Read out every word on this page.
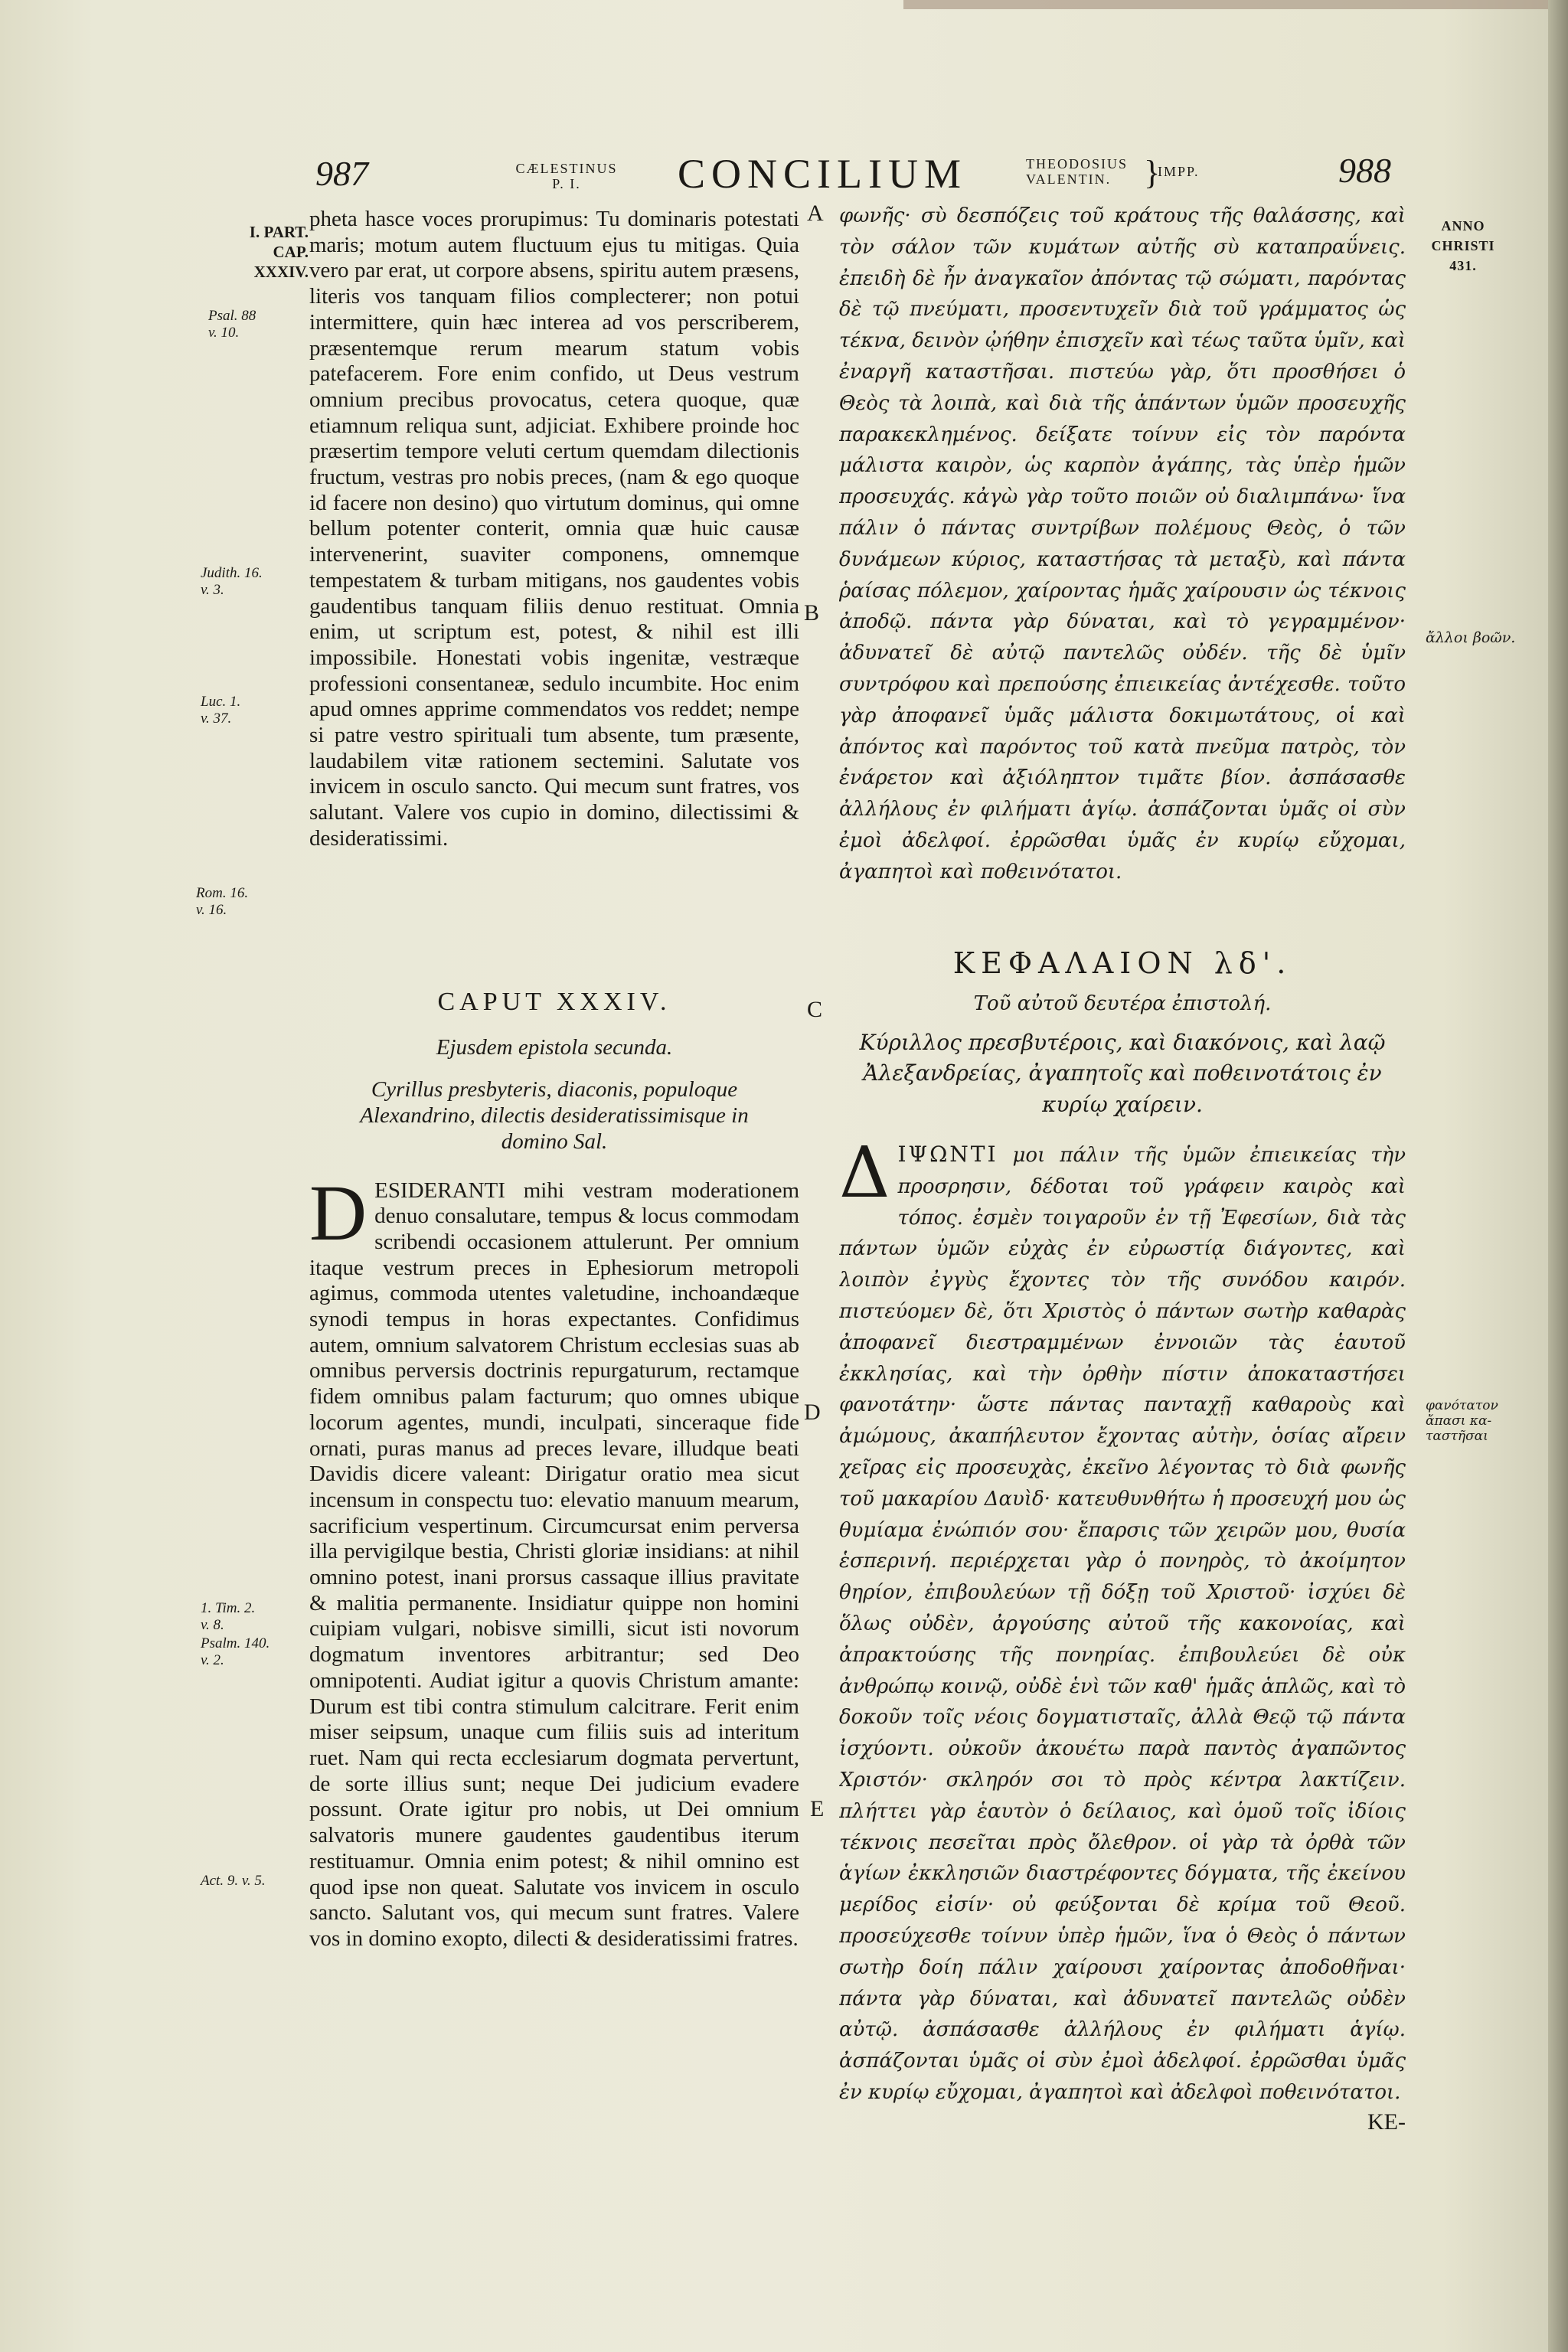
987	CÆLESTINUS
P. I.	CONCILIUM	THEODOSIUS
VALENTIN. }
IMPP.	988
I. PART.
CAP.
XXXIV.
Psal. 88
v. 10.
Judith. 16.
v. 3.
Luc. 1.
v. 37.
Rom. 16.
v. 16.
1. Tim. 2.
v. 8.
Psalm. 140.
v. 2.
Act. 9. v. 5.
ANNO
CHRISTI
431.
ἄλλοι βοῶν.
φανότατον
ἄπασι κα-
ταστῆσαι
A
B
C
D
E

pheta hasce voces prorupimus: Tu dominaris potestati maris; motum autem fluctuum ejus tu mitigas. Quia vero par erat, ut corpore absens, spiritu autem præsens, literis vos tanquam filios complecterer; non potui intermittere, quin hæc interea ad vos perscriberem, præsentemque rerum mearum statum vobis patefacerem. Fore enim confido, ut Deus vestrum omnium precibus provocatus, cetera quoque, quæ etiamnum reliqua sunt, adjiciat. Exhibere proinde hoc præsertim tempore veluti certum quemdam dilectionis fructum, vestras pro nobis preces, (nam & ego quoque id facere non desino) quo virtutum dominus, qui omne bellum potenter conterit, omnia quæ huic causæ intervenerint, suaviter componens, omnemque tempestatem & turbam mitigans, nos gaudentes vobis gaudentibus tanquam filiis denuo restituat. Omnia enim, ut scriptum est, potest, & nihil est illi impossibile. Honestati vobis ingenitæ, vestræque professioni consentaneæ, sedulo incumbite. Hoc enim apud omnes apprime commendatos vos reddet; nempe si patre vestro spirituali tum absente, tum præsente, laudabilem vitæ rationem sectemini. Salutate vos invicem in osculo sancto. Qui mecum sunt fratres, vos salutant. Valere vos cupio in domino, dilectissimi & desideratissimi.

CAPUT XXXIV.
Ejusdem epistola secunda.
Cyrillus presbyteris, diaconis, populoque Alexandrino, dilectis desideratissimisque in domino Sal.
D ESIDERANTI mihi vestram moderationem denuo consalutare, tempus & locus commodam scribendi occasionem attulerunt. Per omnium itaque vestrum preces in Ephesiorum metropoli agimus, commoda utentes valetudine, inchoandæque synodi tempus in horas expectantes. Confidimus autem, omnium salvatorem Christum ecclesias suas ab omnibus perversis doctrinis repurgaturum, rectamque fidem omnibus palam facturum; quo omnes ubique locorum agentes, mundi, inculpati, sinceraque fide ornati, puras manus ad preces levare, illudque beati Davidis dicere valeant: Dirigatur oratio mea sicut incensum in conspectu tuo: elevatio manuum mearum, sacrificium vespertinum. Circumcursat enim perversa illa pervigilque bestia, Christi gloriæ insidians: at nihil omnino potest, inani prorsus cassaque illius pravitate & malitia permanente. Insidiatur quippe non homini cuipiam vulgari, nobisve similli, sicut isti novorum dogmatum inventores arbitrantur; sed Deo omnipotenti. Audiat igitur a quovis Christum amante: Durum est tibi contra stimulum calcitrare. Ferit enim miser seipsum, unaque cum filiis suis ad interitum ruet. Nam qui recta ecclesiarum dogmata pervertunt, de sorte illius sunt; neque Dei judicium evadere possunt. Orate igitur pro nobis, ut Dei omnium salvatoris munere gaudentes gaudentibus iterum restituamur. Omnia enim potest; & nihil omnino est quod ipse non queat. Salutate vos invicem in osculo sancto. Salutant vos, qui mecum sunt fratres. Valere vos in domino exopto, dilecti & desideratissimi fratres.

φωνῆς· σὺ δεσπόζεις τοῦ κράτους τῆς θαλάσσης, καὶ τὸν σάλον τῶν κυμάτων αὐτῆς σὺ καταπραΰνεις. ἐπειδὴ δὲ ἦν ἀναγκαῖον ἀπόντας τῷ σώματι, παρόντας δὲ τῷ πνεύματι, προσεντυχεῖν διὰ τοῦ γράμματος ὡς τέκνα, δεινὸν ᾠήθην ἐπισχεῖν καὶ τέως ταῦτα ὑμῖν, καὶ ἐναργῆ καταστῆσαι. πιστεύω γὰρ, ὅτι προσθήσει ὁ Θεὸς τὰ λοιπὰ, καὶ διὰ τῆς ἁπάντων ὑμῶν προσευχῆς παρακεκλημένος. δείξατε τοίνυν εἰς τὸν παρόντα μάλιστα καιρὸν, ὡς καρπὸν ἀγάπης, τὰς ὑπὲρ ἡμῶν προσευχάς. κἀγὼ γὰρ τοῦτο ποιῶν οὐ διαλιμπάνω· ἵνα πάλιν ὁ πάντας συντρίβων πολέμους Θεὸς, ὁ τῶν δυνάμεων κύριος, καταστήσας τὰ μεταξὺ, καὶ πάντα ῥαίσας πόλεμον, χαίροντας ἡμᾶς χαίρουσιν ὡς τέκνοις ἀποδῷ. πάντα γὰρ δύναται, καὶ τὸ γεγραμμένον· ἀδυνατεῖ δὲ αὐτῷ παντελῶς οὐδέν. τῆς δὲ ὑμῖν συντρόφου καὶ πρεπούσης ἐπιεικείας ἀντέχεσθε. τοῦτο γὰρ ἀποφανεῖ ὑμᾶς μάλιστα δοκιμωτάτους, οἱ καὶ ἀπόντος καὶ παρόντος τοῦ κατὰ πνεῦμα πατρὸς, τὸν ἐνάρετον καὶ ἀξιόληπτον τιμᾶτε βίον. ἀσπάσασθε ἀλλήλους ἐν φιλήματι ἁγίῳ. ἀσπάζονται ὑμᾶς οἱ σὺν ἐμοὶ ἀδελφοί. ἐρρῶσθαι ὑμᾶς ἐν κυρίῳ εὔχομαι, ἀγαπητοὶ καὶ ποθεινότατοι.

ΚΕΦΑΛΑΙΟΝ λδ'.
Τοῦ αὐτοῦ δευτέρα ἐπιστολή.
Κύριλλος πρεσβυτέροις, καὶ διακόνοις, καὶ λαῷ Ἀλεξανδρείας, ἀγαπητοῖς καὶ ποθεινοτάτοις ἐν κυρίῳ χαίρειν.
Δ ΙΨΩΝΤΙ μοι πάλιν τῆς ὑμῶν ἐπιεικείας τὴν προσρησιν, δέδοται τοῦ γράφειν καιρὸς καὶ τόπος. ἐσμὲν τοιγαροῦν ἐν τῇ Ἐφεσίων, διὰ τὰς πάντων ὑμῶν εὐχὰς ἐν εὐρωστίᾳ διάγοντες, καὶ λοιπὸν ἐγγὺς ἔχοντες τὸν τῆς συνόδου καιρόν. πιστεύομεν δὲ, ὅτι Χριστὸς ὁ πάντων σωτὴρ καθαρὰς ἀποφανεῖ διεστραμμένων ἐννοιῶν τὰς ἑαυτοῦ ἐκκλησίας, καὶ τὴν ὀρθὴν πίστιν ἀποκαταστήσει φανοτάτην· ὥστε πάντας πανταχῇ καθαροὺς καὶ ἀμώμους, ἀκαπήλευτον ἔχοντας αὐτὴν, ὁσίας αἴρειν χεῖρας εἰς προσευχὰς, ἐκεῖνο λέγοντας τὸ διὰ φωνῆς τοῦ μακαρίου Δαυὶδ· κατευθυνθήτω ἡ προσευχή μου ὡς θυμίαμα ἐνώπιόν σου· ἔπαρσις τῶν χειρῶν μου, θυσία ἑσπερινή. περιέρχεται γὰρ ὁ πονηρὸς, τὸ ἀκοίμητον θηρίον, ἐπιβουλεύων τῇ δόξῃ τοῦ Χριστοῦ· ἰσχύει δὲ ὅλως οὐδὲν, ἀργούσης αὐτοῦ τῆς κακονοίας, καὶ ἀπρακτούσης τῆς πονηρίας. ἐπιβουλεύει δὲ οὐκ ἀνθρώπῳ κοινῷ, οὐδὲ ἑνὶ τῶν καθ' ἡμᾶς ἁπλῶς, καὶ τὸ δοκοῦν τοῖς νέοις δογματισταῖς, ἀλλὰ Θεῷ τῷ πάντα ἰσχύοντι. οὐκοῦν ἀκουέτω παρὰ παντὸς ἀγαπῶντος Χριστόν· σκληρόν σοι τὸ πρὸς κέντρα λακτίζειν. πλήττει γὰρ ἑαυτὸν ὁ δείλαιος, καὶ ὁμοῦ τοῖς ἰδίοις τέκνοις πεσεῖται πρὸς ὄλεθρον. οἱ γὰρ τὰ ὀρθὰ τῶν ἁγίων ἐκκλησιῶν διαστρέφοντες δόγματα, τῆς ἐκείνου μερίδος εἰσίν· οὐ φεύξονται δὲ κρίμα τοῦ Θεοῦ. προσεύχεσθε τοίνυν ὑπὲρ ἡμῶν, ἵνα ὁ Θεὸς ὁ πάντων σωτὴρ δοίη πάλιν χαίρουσι χαίροντας ἀποδοθῆναι· πάντα γὰρ δύναται, καὶ ἀδυνατεῖ παντελῶς οὐδὲν αὐτῷ. ἀσπάσασθε ἀλλήλους ἐν φιλήματι ἁγίῳ. ἀσπάζονται ὑμᾶς οἱ σὺν ἐμοὶ ἀδελφοί. ἐρρῶσθαι ὑμᾶς ἐν κυρίῳ εὔχομαι, ἀγαπητοὶ καὶ ἀδελφοὶ ποθεινότατοι.
KE-
